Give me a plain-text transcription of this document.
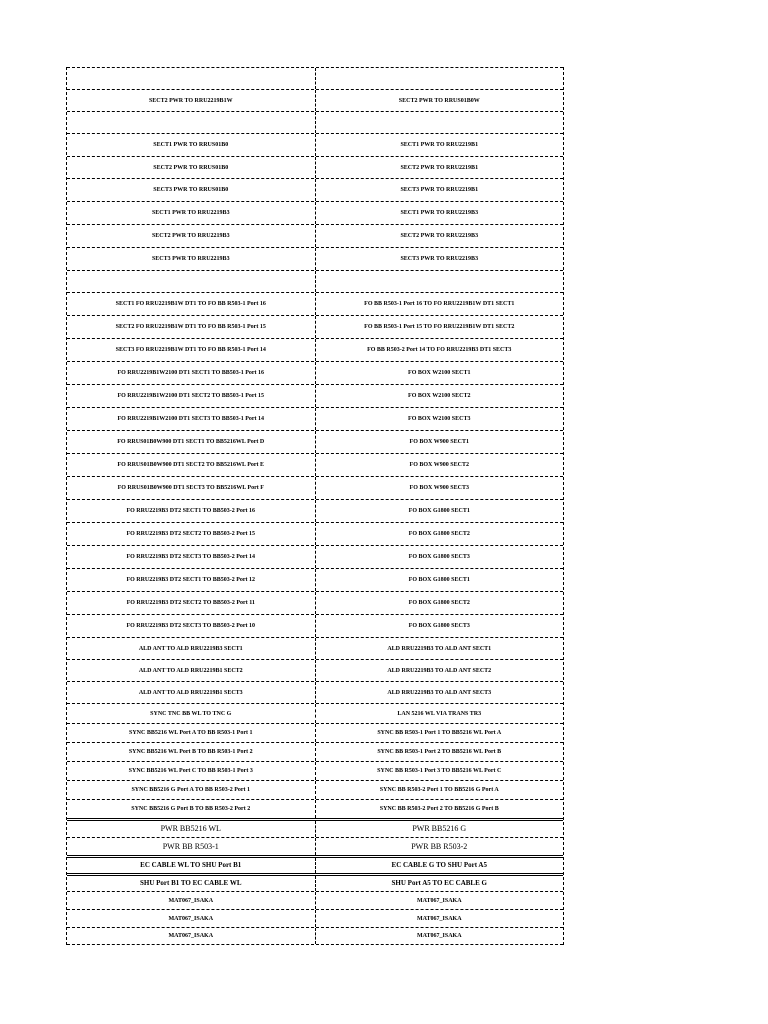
SECT2 PWR TO RRU2219B1W	SECT2 PWR TO RRUS01B0W
SECT1 PWR TO RRUS01B0	SECT1 PWR TO RRU2219B1
SECT2 PWR TO RRUS01B0	SECT2 PWR TO RRU2219B1
SECT3 PWR TO RRUS01B0	SECT3 PWR TO RRU2219B1
SECT1 PWR TO RRU2219B3	SECT1 PWR TO RRU2219B3
SECT2 PWR TO RRU2219B3	SECT2 PWR TO RRU2219B3
SECT3 PWR TO RRU2219B3	SECT3 PWR TO RRU2219B3
SECT1 FO RRU2219B1W DT1 TO FO BB R503-1 Port 16	FO BB R503-1 Port 16 TO FO RRU2219B1W DT1 SECT1
SECT2 FO RRU2219B1W DT1 TO FO BB R503-1 Port 15	FO BB R503-1 Port 15 TO FO RRU2219B1W DT1 SECT2
SECT3 FO RRU2219B1W DT1 TO FO BB R503-1 Port 14	FO BB R503-2 Port 14 TO FO RRU2219B3 DT1 SECT3
FO RRU2219B1W2100 DT1 SECT1 TO BB503-1 Port 16	FO BOX W2100 SECT1
FO RRU2219B1W2100 DT1 SECT2 TO BB503-1 Port 15	FO BOX W2100 SECT2
FO RRU2219B1W2100 DT1 SECT3 TO BB503-1 Port 14	FO BOX W2100 SECT3
FO RRUS01B0W900 DT1 SECT1 TO BB5216WL Port D	FO BOX W900 SECT1
FO RRUS01B0W900 DT1 SECT2 TO BB5216WL Port E	FO BOX W900 SECT2
FO RRUS01B0W900 DT1 SECT3 TO BB5216WL Port F	FO BOX W900 SECT3
FO RRU2219B3 DT2 SECT1 TO BB503-2 Port 16	FO BOX G1800 SECT1
FO RRU2219B3 DT2 SECT2 TO BB503-2 Port 15	FO BOX G1800 SECT2
FO RRU2219B3 DT2 SECT3 TO BB503-2 Port 14	FO BOX G1800 SECT3
FO RRU2219B3 DT2 SECT1 TO BB503-2 Port 12	FO BOX G1800 SECT1
FO RRU2219B3 DT2 SECT2 TO BB503-2 Port 11	FO BOX G1800 SECT2
FO RRU2219B3 DT2 SECT3 TO BB503-2 Port 10	FO BOX G1800 SECT3
ALD ANT TO ALD RRU2219B3 SECT1	ALD RRU2219B3 TO ALD ANT SECT1
ALD ANT TO ALD RRU2219B1 SECT2	ALD RRU2219B3 TO ALD ANT SECT2
ALD ANT TO ALD RRU2219B1 SECT3	ALD RRU2219B3 TO ALD ANT SECT3
SYNC TNC BB WL TO TNC G	LAN 5216 WL VIA TRANS TR3
SYNC BB5216 WL Port A TO BB R503-1 Port 1	SYNC BB R503-1 Port 1 TO BB5216 WL Port A
SYNC BB5216 WL Port B TO BB R503-1 Port 2	SYNC BB R503-1 Port 2 TO BB5216 WL Port B
SYNC BB5216 WL Port C TO BB R503-1 Port 3	SYNC BB R503-1 Port 3 TO BB5216 WL Port C
SYNC BB5216 G Port A TO BB R503-2 Port 1	SYNC BB R503-2 Port 1 TO BB5216 G Port A
SYNC BB5216 G Port B TO BB R503-2 Port 2	SYNC BB R503-2 Port 2 TO BB5216 G Port B
PWR BB5216 WL	PWR BB5216 G
PWR BB R503-1	PWR BB R503-2
EC CABLE WL TO SHU Port B1	EC CABLE G TO SHU Port A5
SHU Port B1 TO EC CABLE WL	SHU Port A5 TO EC CABLE G
MAT067_ISAKA	MAT067_ISAKA
MAT067_ISAKA	MAT067_ISAKA
MAT067_ISAKA	MAT067_ISAKA
